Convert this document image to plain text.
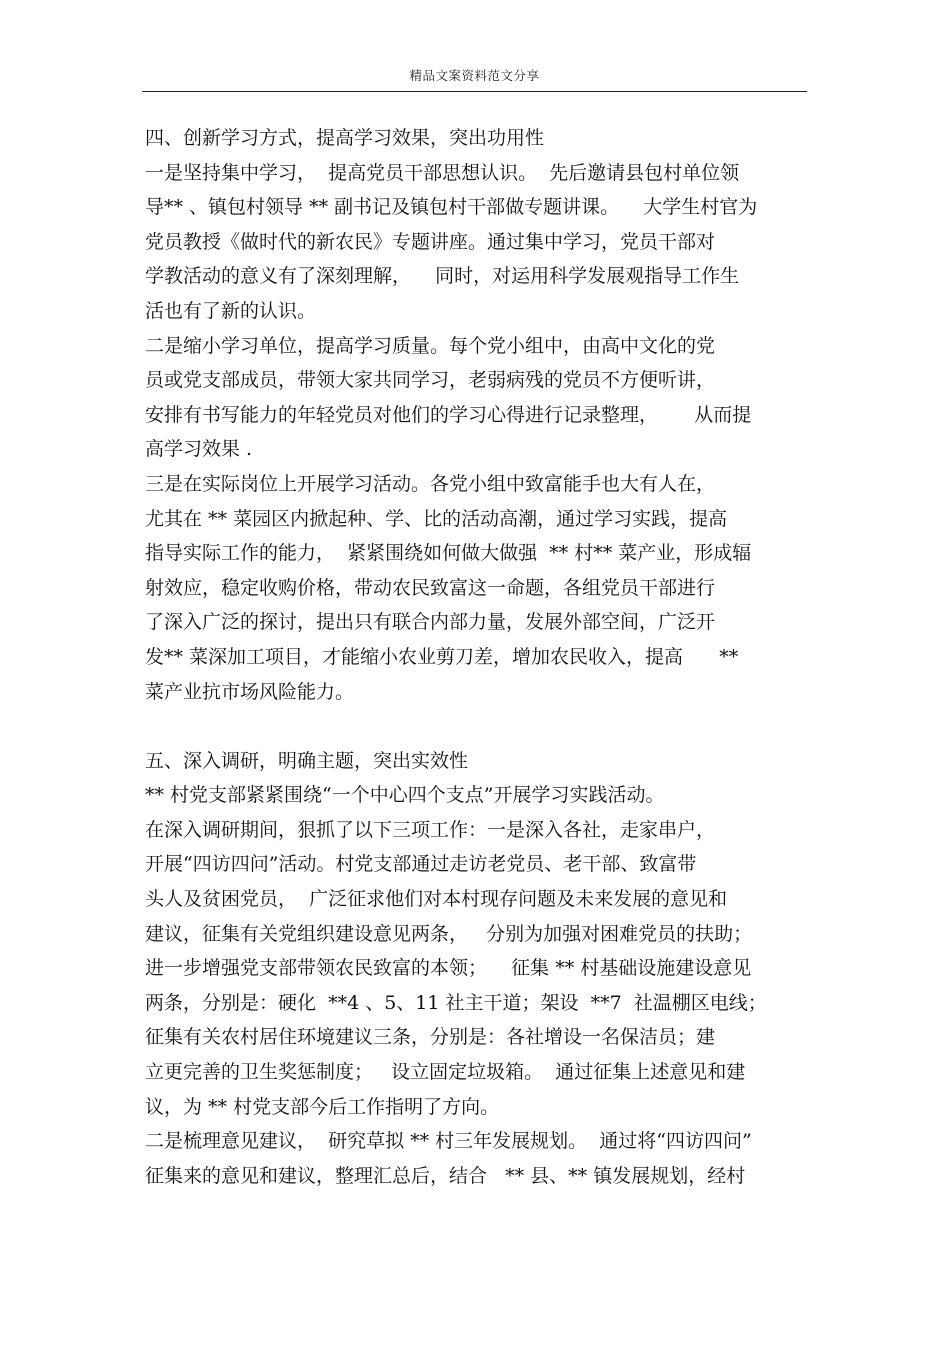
精品文案资料范文分享
四、创新学习方式，提高学习效果，突出功用性
一是坚持集中学习，  提高党员干部思想认识。  先后邀请县包村单位领
导** 、镇包村领导 ** 副书记及镇包村干部做专题讲课。    大学生村官为
党员教授《做时代的新农民》专题讲座。通过集中学习，党员干部对
学教活动的意义有了深刻理解，    同时，对运用科学发展观指导工作生
活也有了新的认识。
二是缩小学习单位，提高学习质量。每个党小组中，由高中文化的党
员或党支部成员，带领大家共同学习，老弱病残的党员不方便听讲，
安排有书写能力的年轻党员对他们的学习心得进行记录整理，      从而提
高学习效果 .
三是在实际岗位上开展学习活动。各党小组中致富能手也大有人在，
尤其在 ** 菜园区内掀起种、学、比的活动高潮，通过学习实践，提高
指导实际工作的能力，  紧紧围绕如何做大做强  ** 村** 菜产业，形成辐
射效应，稳定收购价格，带动农民致富这一命题，各组党员干部进行
了深入广泛的探讨，提出只有联合内部力量，发展外部空间，广泛开
发** 菜深加工项目，才能缩小农业剪刀差，增加农民收入，提高      **
菜产业抗市场风险能力。
五、深入调研，明确主题，突出实效性
** 村党支部紧紧围绕“一个中心四个支点”开展学习实践活动。
在深入调研期间，狠抓了以下三项工作：一是深入各社，走家串户，
开展“四访四问”活动。村党支部通过走访老党员、老干部、致富带
头人及贫困党员，  广泛征求他们对本村现存问题及未来发展的意见和
建议，征集有关党组织建设意见两条，   分别为加强对困难党员的扶助；
进一步增强党支部带领农民致富的本领；    征集 ** 村基础设施建设意见
两条，分别是：硬化  **4 、5、11 社主干道；架设  **7  社温棚区电线；
征集有关农村居住环境建议三条，分别是：各社增设一名保洁员；建
立更完善的卫生奖惩制度；   设立固定垃圾箱。  通过征集上述意见和建
议，为 ** 村党支部今后工作指明了方向。
二是梳理意见建议，  研究草拟 ** 村三年发展规划。  通过将“四访四问”
征集来的意见和建议，整理汇总后，结合   ** 县、** 镇发展规划，经村
